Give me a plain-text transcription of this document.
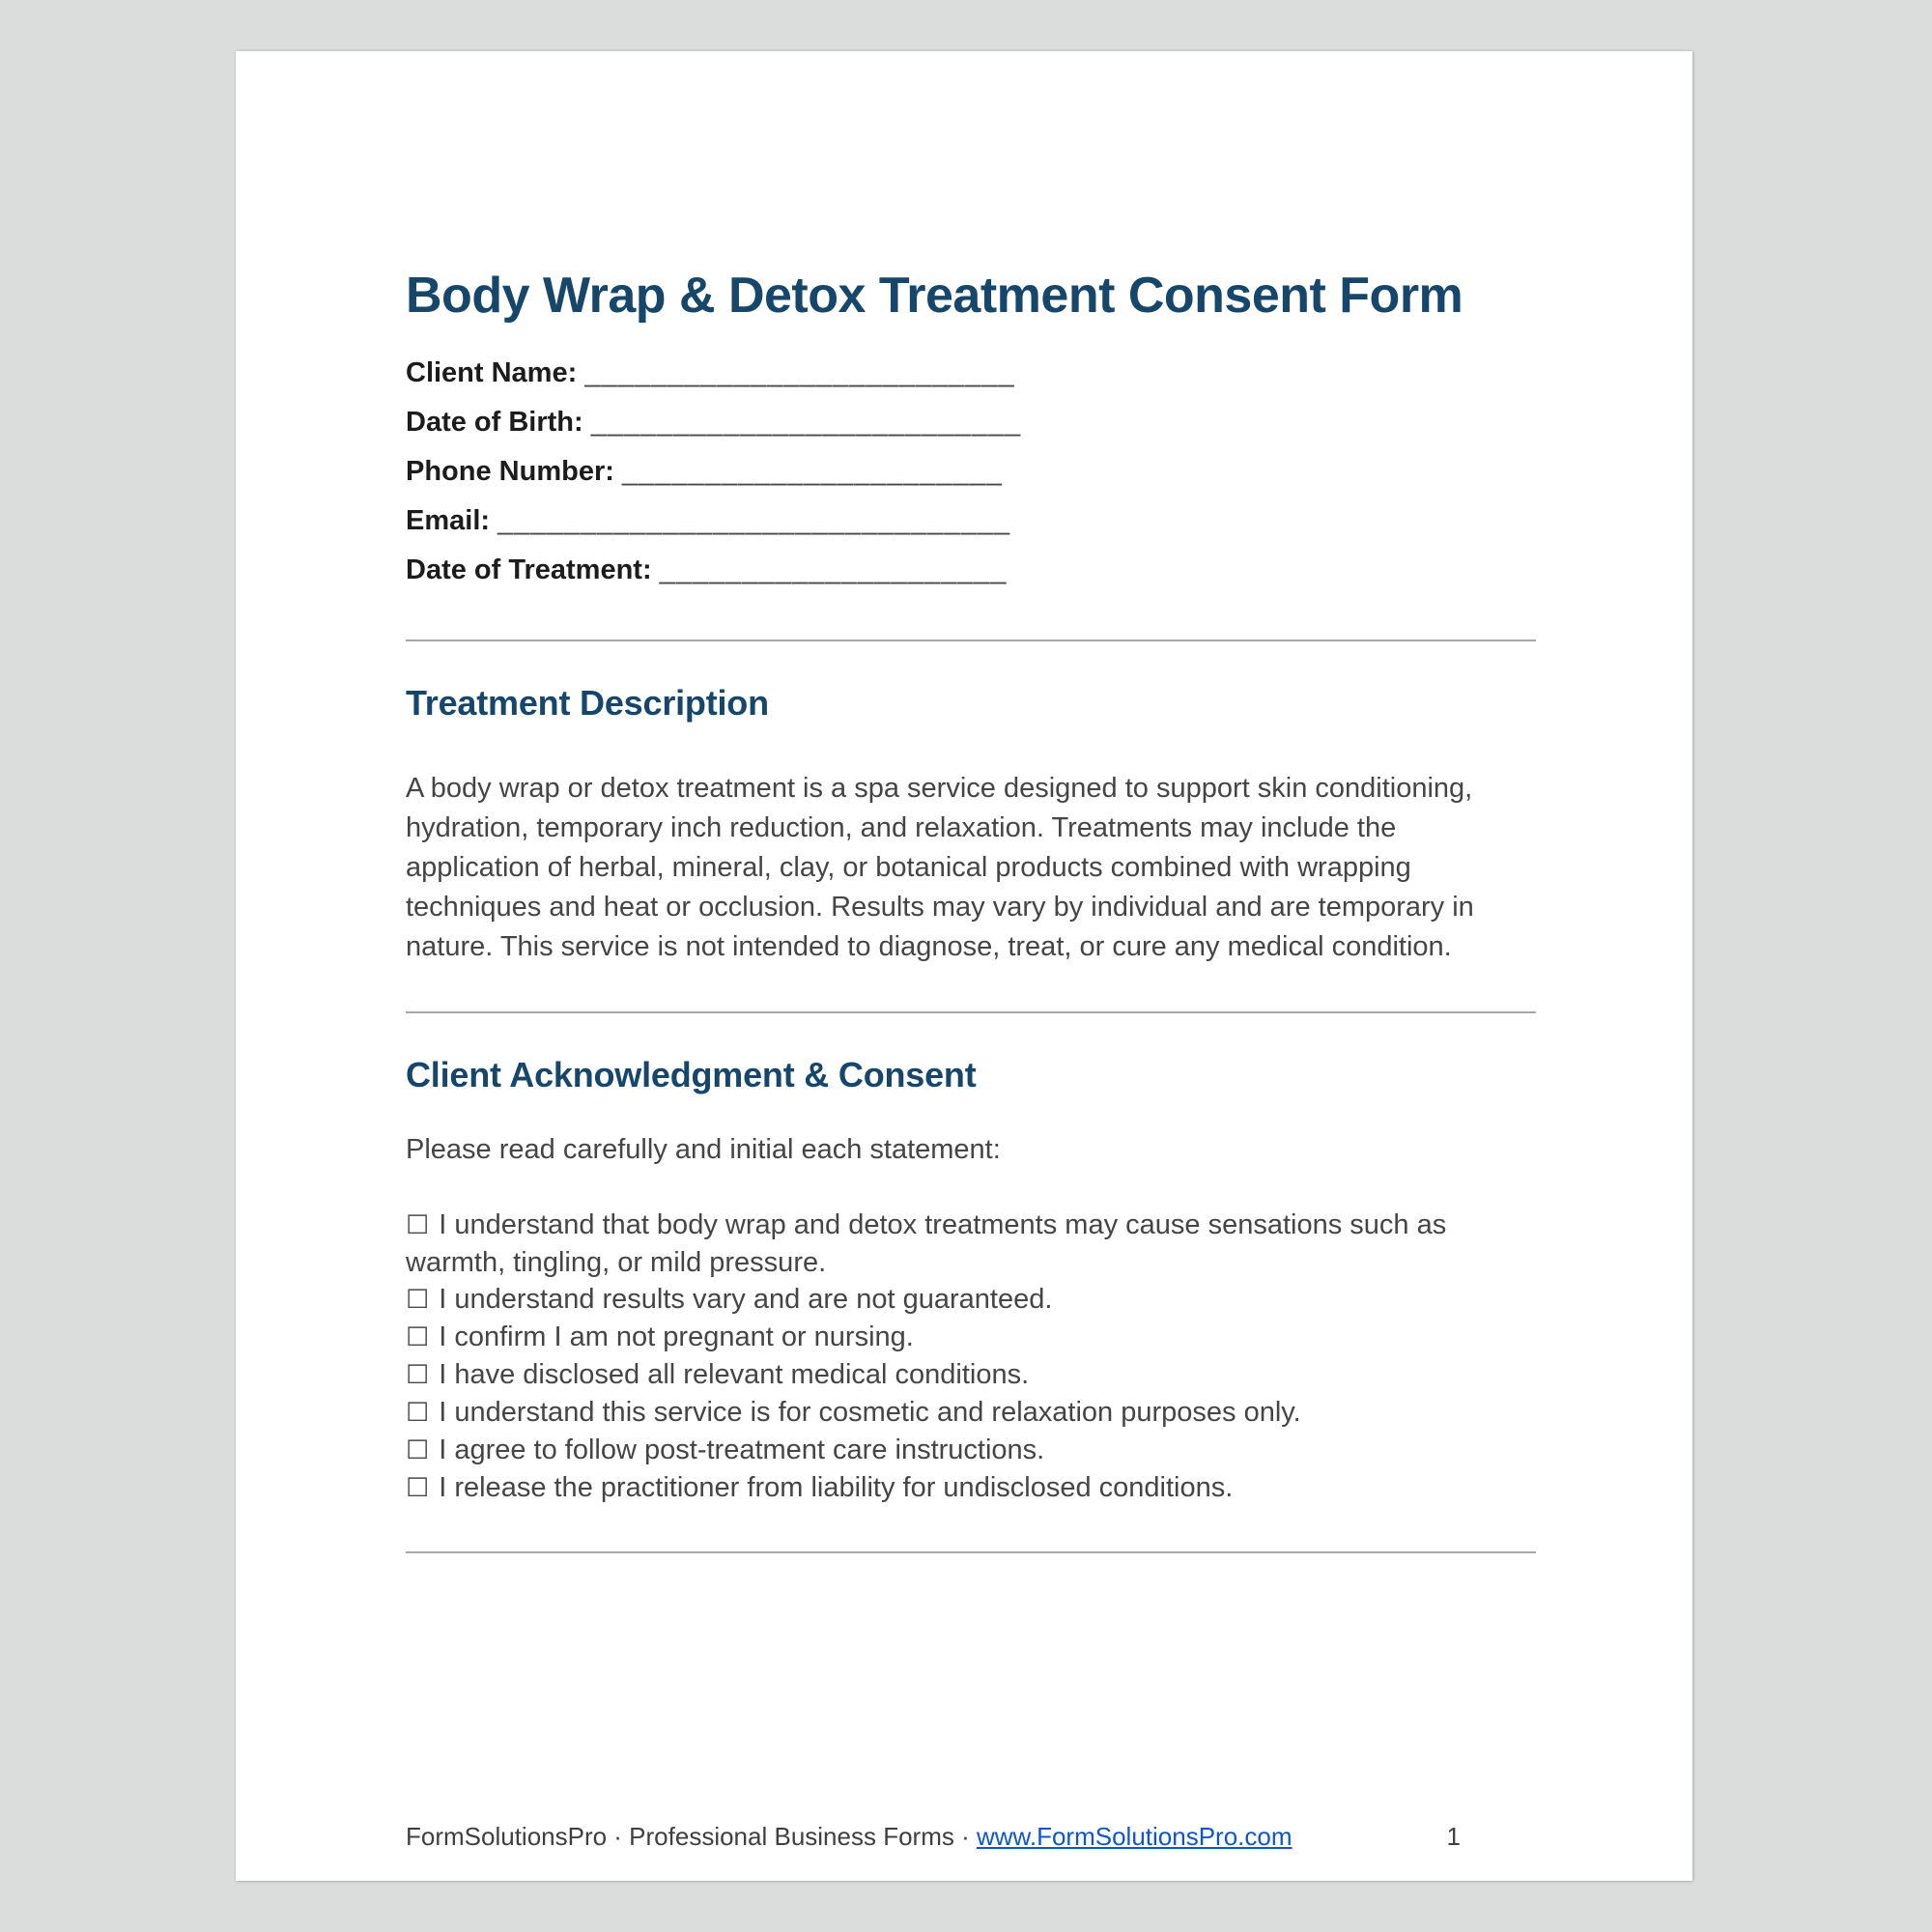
Body Wrap & Detox Treatment Consent Form
Client Name: __________________________
Date of Birth: __________________________
Phone Number: _______________________
Email: _______________________________
Date of Treatment: _____________________
Treatment Description

A body wrap or detox treatment is a spa service designed to support skin conditioning, hydration, temporary inch reduction, and relaxation. Treatments may include the application of herbal, mineral, clay, or botanical products combined with wrapping techniques and heat or occlusion. Results may vary by individual and are temporary in nature. This service is not intended to diagnose, treat, or cure any medical condition.

Client Acknowledgment & Consent

Please read carefully and initial each statement:

☐ I understand that body wrap and detox treatments may cause sensations such as warmth, tingling, or mild pressure.
☐ I understand results vary and are not guaranteed.
☐ I confirm I am not pregnant or nursing.
☐ I have disclosed all relevant medical conditions.
☐ I understand this service is for cosmetic and relaxation purposes only.
☐ I agree to follow post-treatment care instructions.
☐ I release the practitioner from liability for undisclosed conditions.
FormSolutionsPro · Professional Business Forms · www.FormSolutionsPro.com	1
